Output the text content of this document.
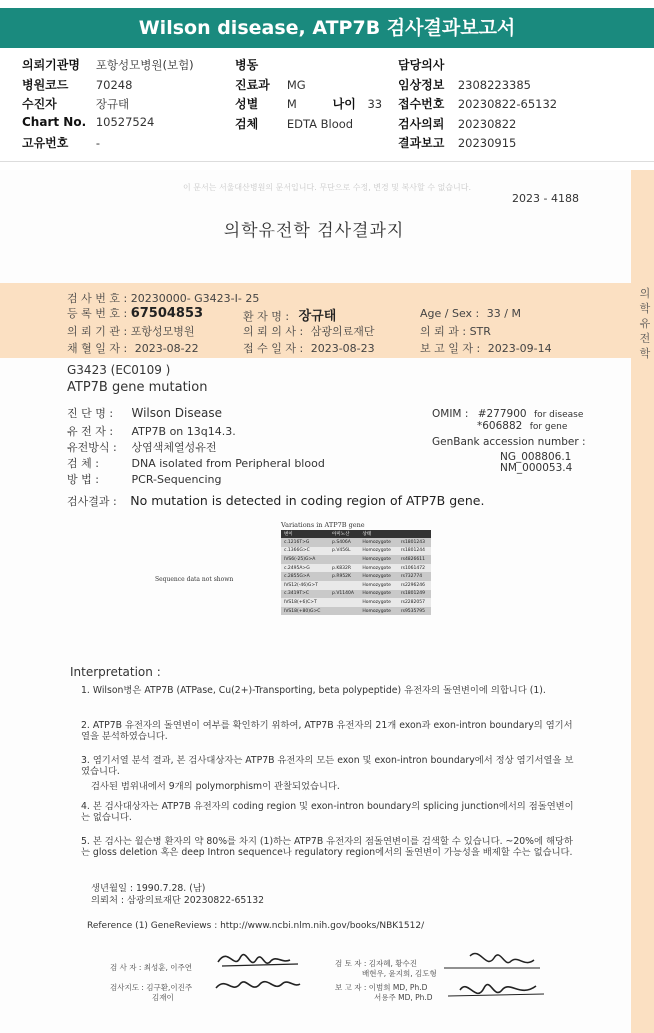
Wilson disease, ATP7B 검사결과보고서
의뢰기관명 포항성모병원(보험)
병원코드 70248
수진자	장규태
Chart No. 10527524
고유번호 -
병동
진료과 MG
성별 M	나이 33
검체 EDTA Blood
담당의사
임상정보 2308223385
접수번호 20230822-65132
검사의뢰 20230822
결과보고 20230915
이 문서는 서울대산병원의 문서입니다. 무단으로 수정, 변경 및 복사할 수 없습니다.
2023 - 4188
의학유전학 검사결과지
검 사 번 호 : 20230000- G3423-I- 25
등 록 번 호 : 67504853	환 자 명 : 장규태	Age / Sex : 33 / M
의 뢰 기 관 : 포항성모병원	의 뢰 의 사 : 삼광의료재단	의 뢰 과 : STR
채 혈 일 자 : 2023-08-22	접 수 일 자 : 2023-08-23	보 고 일 자 : 2023-09-14
의학유전학
G3423 (EC0109 )
ATP7B gene mutation
진 단 명 : Wilson Disease
유 전 자 : ATP7B on 13q14.3.
유전방식 : 상염색체열성유전
검 체 :	DNA isolated from Peripheral blood
방 법 :	PCR-Sequencing
OMIM : #277900 for disease
*606882 for gene
GenBank accession number :
NG_008806.1
NM_000053.4
검사결과 : No mutation is detected in coding region of ATP7B gene.
Sequence data not shown
Variations in ATP7B gene
변이	아미노산	상태	
c.1216T>G	p.S406A	Homozygote	rs1801243
c.1366G>C	p.V456L	Homozygote	rs1801244
IVS6(-25)G>A		Homozygote	rs4826611
c.2495A>G	p.K832R	Homozygote	rs1061472
c.2855G>A	p.R952K	Homozygote	rs732774
IVS12(-46)G>T		Homozygote	rs2296246
c.3419T>C	p.V1140A	Homozygote	rs1801249
IVS18(+6)C>T		Homozygote	rs2282057
IVS18(+80)G>C		Homozygote	rs9535795
Interpretation :
1. Wilson병은 ATP7B (ATPase, Cu(2+)-Transporting, beta polypeptide) 유전자의 돌연변이에 의합니다 (1).
2. ATP7B 유전자의 돌연변이 여부를 확인하기 위하여, ATP7B 유전자의 21개 exon과 exon-intron boundary의 염기서열을 분석하였습니다.
3. 염기서열 분석 결과, 본 검사대상자는 ATP7B 유전자의 모든 exon 및 exon-intron boundary에서 정상 염기서열을 보였습니다.
검사된 범위내에서 9개의 polymorphism이 관찰되었습니다.
4. 본 검사대상자는 ATP7B 유전자의 coding region 및 exon-intron boundary의 splicing junction에서의 점돌연변이는 없습니다.
5. 본 검사는 윌슨병 환자의 약 80%를 차지 (1)하는 ATP7B 유전자의 점돌연변이를 검색할 수 있습니다. ~20%에 해당하는 gloss deletion 혹은 deep Intron sequence나 regulatory region에서의 돌연변이 가능성을 배제할 수는 없습니다.
생년월일 : 1990.7.28. (남)
의뢰처 : 삼광의료재단 20230822-65132
Reference (1) GeneReviews : http://www.ncbi.nlm.nih.gov/books/NBK1512/
검 사 자 : 최성훈, 이주연
검사지도 : 김구환,이진주
김재이
검 토 자 : 김자혜, 황수진
배현우, 윤지희, 김도형
보 고 자 : 이범희 MD, Ph.D
서용주 MD, Ph.D
